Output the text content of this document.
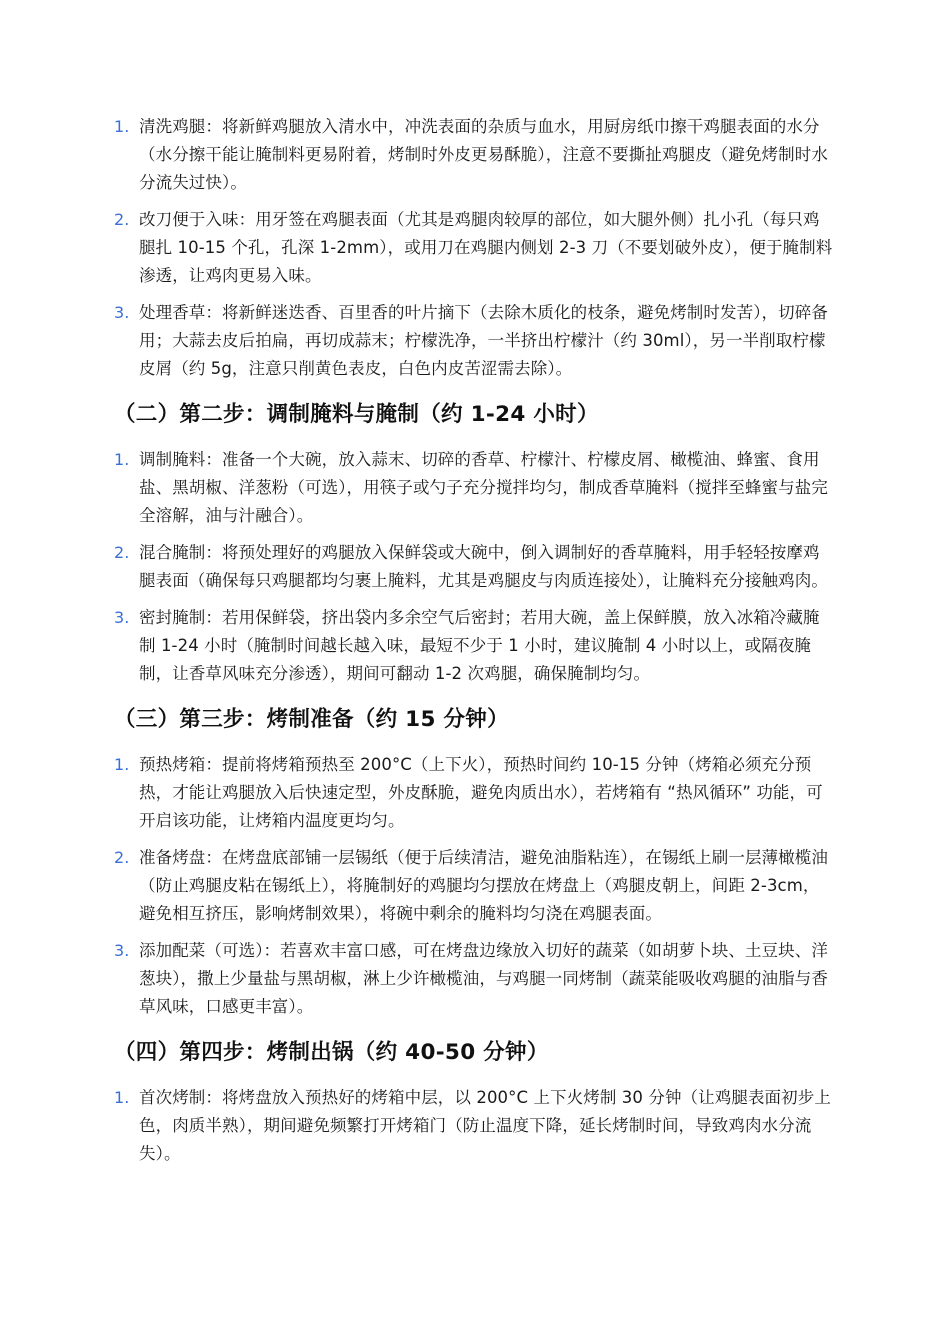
1. 清洗鸡腿：将新鲜鸡腿放入清水中，冲洗表面的杂质与血水，用厨房纸巾擦干鸡腿表面的水分（水分擦干能让腌制料更易附着，烤制时外皮更易酥脆），注意不要撕扯鸡腿皮（避免烤制时水分流失过快）。
2. 改刀便于入味：用牙签在鸡腿表面（尤其是鸡腿肉较厚的部位，如大腿外侧）扎小孔（每只鸡腿扎 10-15 个孔，孔深 1-2mm），或用刀在鸡腿内侧划 2-3 刀（不要划破外皮），便于腌制料渗透，让鸡肉更易入味。
3. 处理香草：将新鲜迷迭香、百里香的叶片摘下（去除木质化的枝条，避免烤制时发苦），切碎备用；大蒜去皮后拍扁，再切成蒜末；柠檬洗净，一半挤出柠檬汁（约 30ml），另一半削取柠檬皮屑（约 5g，注意只削黄色表皮，白色内皮苦涩需去除）。
（二）第二步：调制腌料与腌制（约 1-24 小时）
1. 调制腌料：准备一个大碗，放入蒜末、切碎的香草、柠檬汁、柠檬皮屑、橄榄油、蜂蜜、食用盐、黑胡椒、洋葱粉（可选），用筷子或勺子充分搅拌均匀，制成香草腌料（搅拌至蜂蜜与盐完全溶解，油与汁融合）。
2. 混合腌制：将预处理好的鸡腿放入保鲜袋或大碗中，倒入调制好的香草腌料，用手轻轻按摩鸡腿表面（确保每只鸡腿都均匀裹上腌料，尤其是鸡腿皮与肉质连接处），让腌料充分接触鸡肉。
3. 密封腌制：若用保鲜袋，挤出袋内多余空气后密封；若用大碗，盖上保鲜膜，放入冰箱冷藏腌制 1-24 小时（腌制时间越长越入味，最短不少于 1 小时，建议腌制 4 小时以上，或隔夜腌制，让香草风味充分渗透），期间可翻动 1-2 次鸡腿，确保腌制均匀。
（三）第三步：烤制准备（约 15 分钟）
1. 预热烤箱：提前将烤箱预热至 200°C（上下火），预热时间约 10-15 分钟（烤箱必须充分预热，才能让鸡腿放入后快速定型，外皮酥脆，避免肉质出水），若烤箱有 “热风循环” 功能，可开启该功能，让烤箱内温度更均匀。
2. 准备烤盘：在烤盘底部铺一层锡纸（便于后续清洁，避免油脂粘连），在锡纸上刷一层薄橄榄油（防止鸡腿皮粘在锡纸上），将腌制好的鸡腿均匀摆放在烤盘上（鸡腿皮朝上，间距 2-3cm，避免相互挤压，影响烤制效果），将碗中剩余的腌料均匀浇在鸡腿表面。
3. 添加配菜（可选）：若喜欢丰富口感，可在烤盘边缘放入切好的蔬菜（如胡萝卜块、土豆块、洋葱块），撒上少量盐与黑胡椒，淋上少许橄榄油，与鸡腿一同烤制（蔬菜能吸收鸡腿的油脂与香草风味，口感更丰富）。
（四）第四步：烤制出锅（约 40-50 分钟）
1. 首次烤制：将烤盘放入预热好的烤箱中层，以 200°C 上下火烤制 30 分钟（让鸡腿表面初步上色，肉质半熟），期间避免频繁打开烤箱门（防止温度下降，延长烤制时间，导致鸡肉水分流失）。
